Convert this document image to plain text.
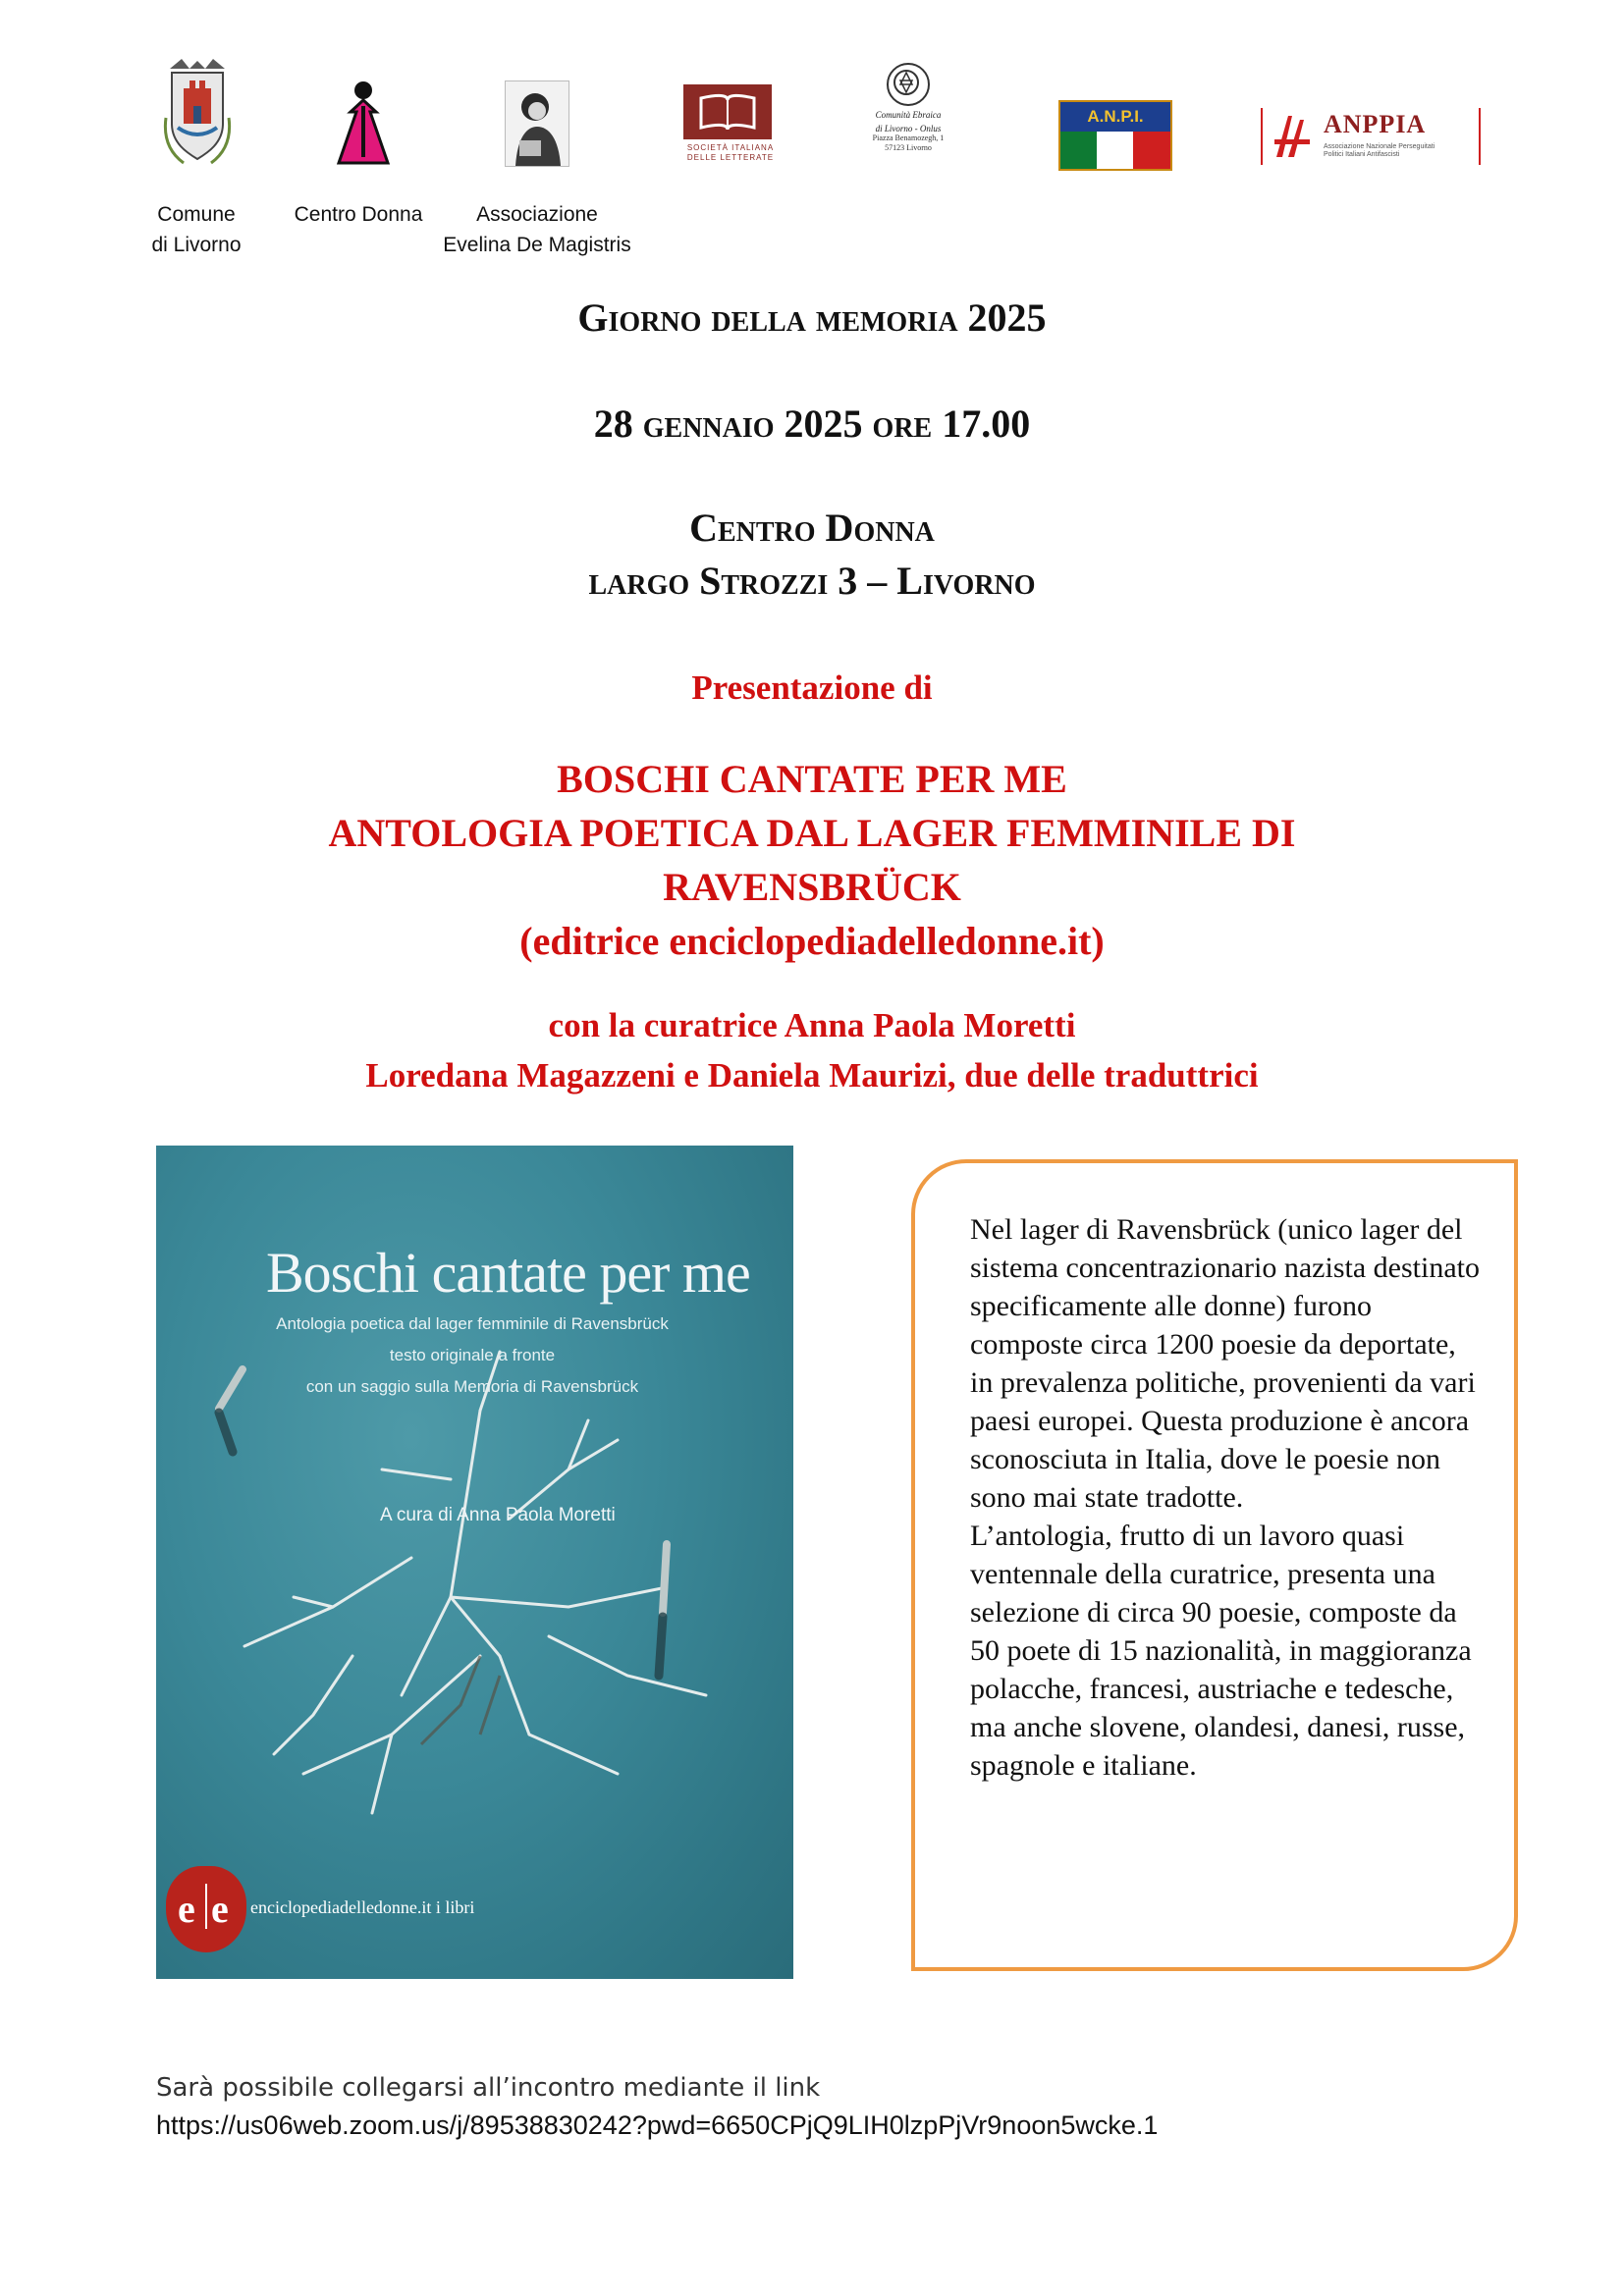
SOCIETÀ ITALIANA
DELLE LETTERATE
Comunità Ebraica
di Livorno - Onlus
Piazza Benamozegh, 1
57123 Livorno
A.N.P.I.	ANPPIA
Associazione Nazionale Perseguitati
Politici Italiani Antifascisti
Comune
di Livorno
Centro Donna	Associazione
Evelina De Magistris
Giorno della memoria 2025
28 gennaio 2025 ore 17.00
Centro Donna
largo Strozzi 3 – Livorno
Presentazione di
BOSCHI CANTATE PER ME
ANTOLOGIA POETICA DAL LAGER FEMMINILE DI
RAVENSBRÜCK
(editrice enciclopediadelledonne.it)
con la curatrice Anna Paola Moretti
Loredana Magazzeni e Daniela Maurizi, due delle traduttrici
Boschi cantate per me
Antologia poetica dal lager femminile di Ravensbrück
testo originale a fronte
con un saggio sulla Memoria di Ravensbrück
A cura di Anna Paola Moretti
e e enciclopediadelledonne.it i libri

Nel lager di Ravensbrück (unico lager del sistema concentrazionario nazista destinato specificamente alle donne) furono composte circa 1200 poesie da deportate, in prevalenza politiche, provenienti da vari paesi europei. Questa produzione è ancora sconosciuta in Italia, dove le poesie non sono mai state tradotte.

L’antologia, frutto di un lavoro quasi ventennale della curatrice, presenta una selezione di circa 90 poesie, composte da 50 poete di 15 nazionalità, in maggioranza polacche, francesi, austriache e tedesche, ma anche slovene, olandesi, danesi, russe, spagnole e italiane.

Sarà possibile collegarsi all’incontro mediante il link
https://us06web.zoom.us/j/89538830242?pwd=6650CPjQ9LIH0lzpPjVr9noon5wcke.1
